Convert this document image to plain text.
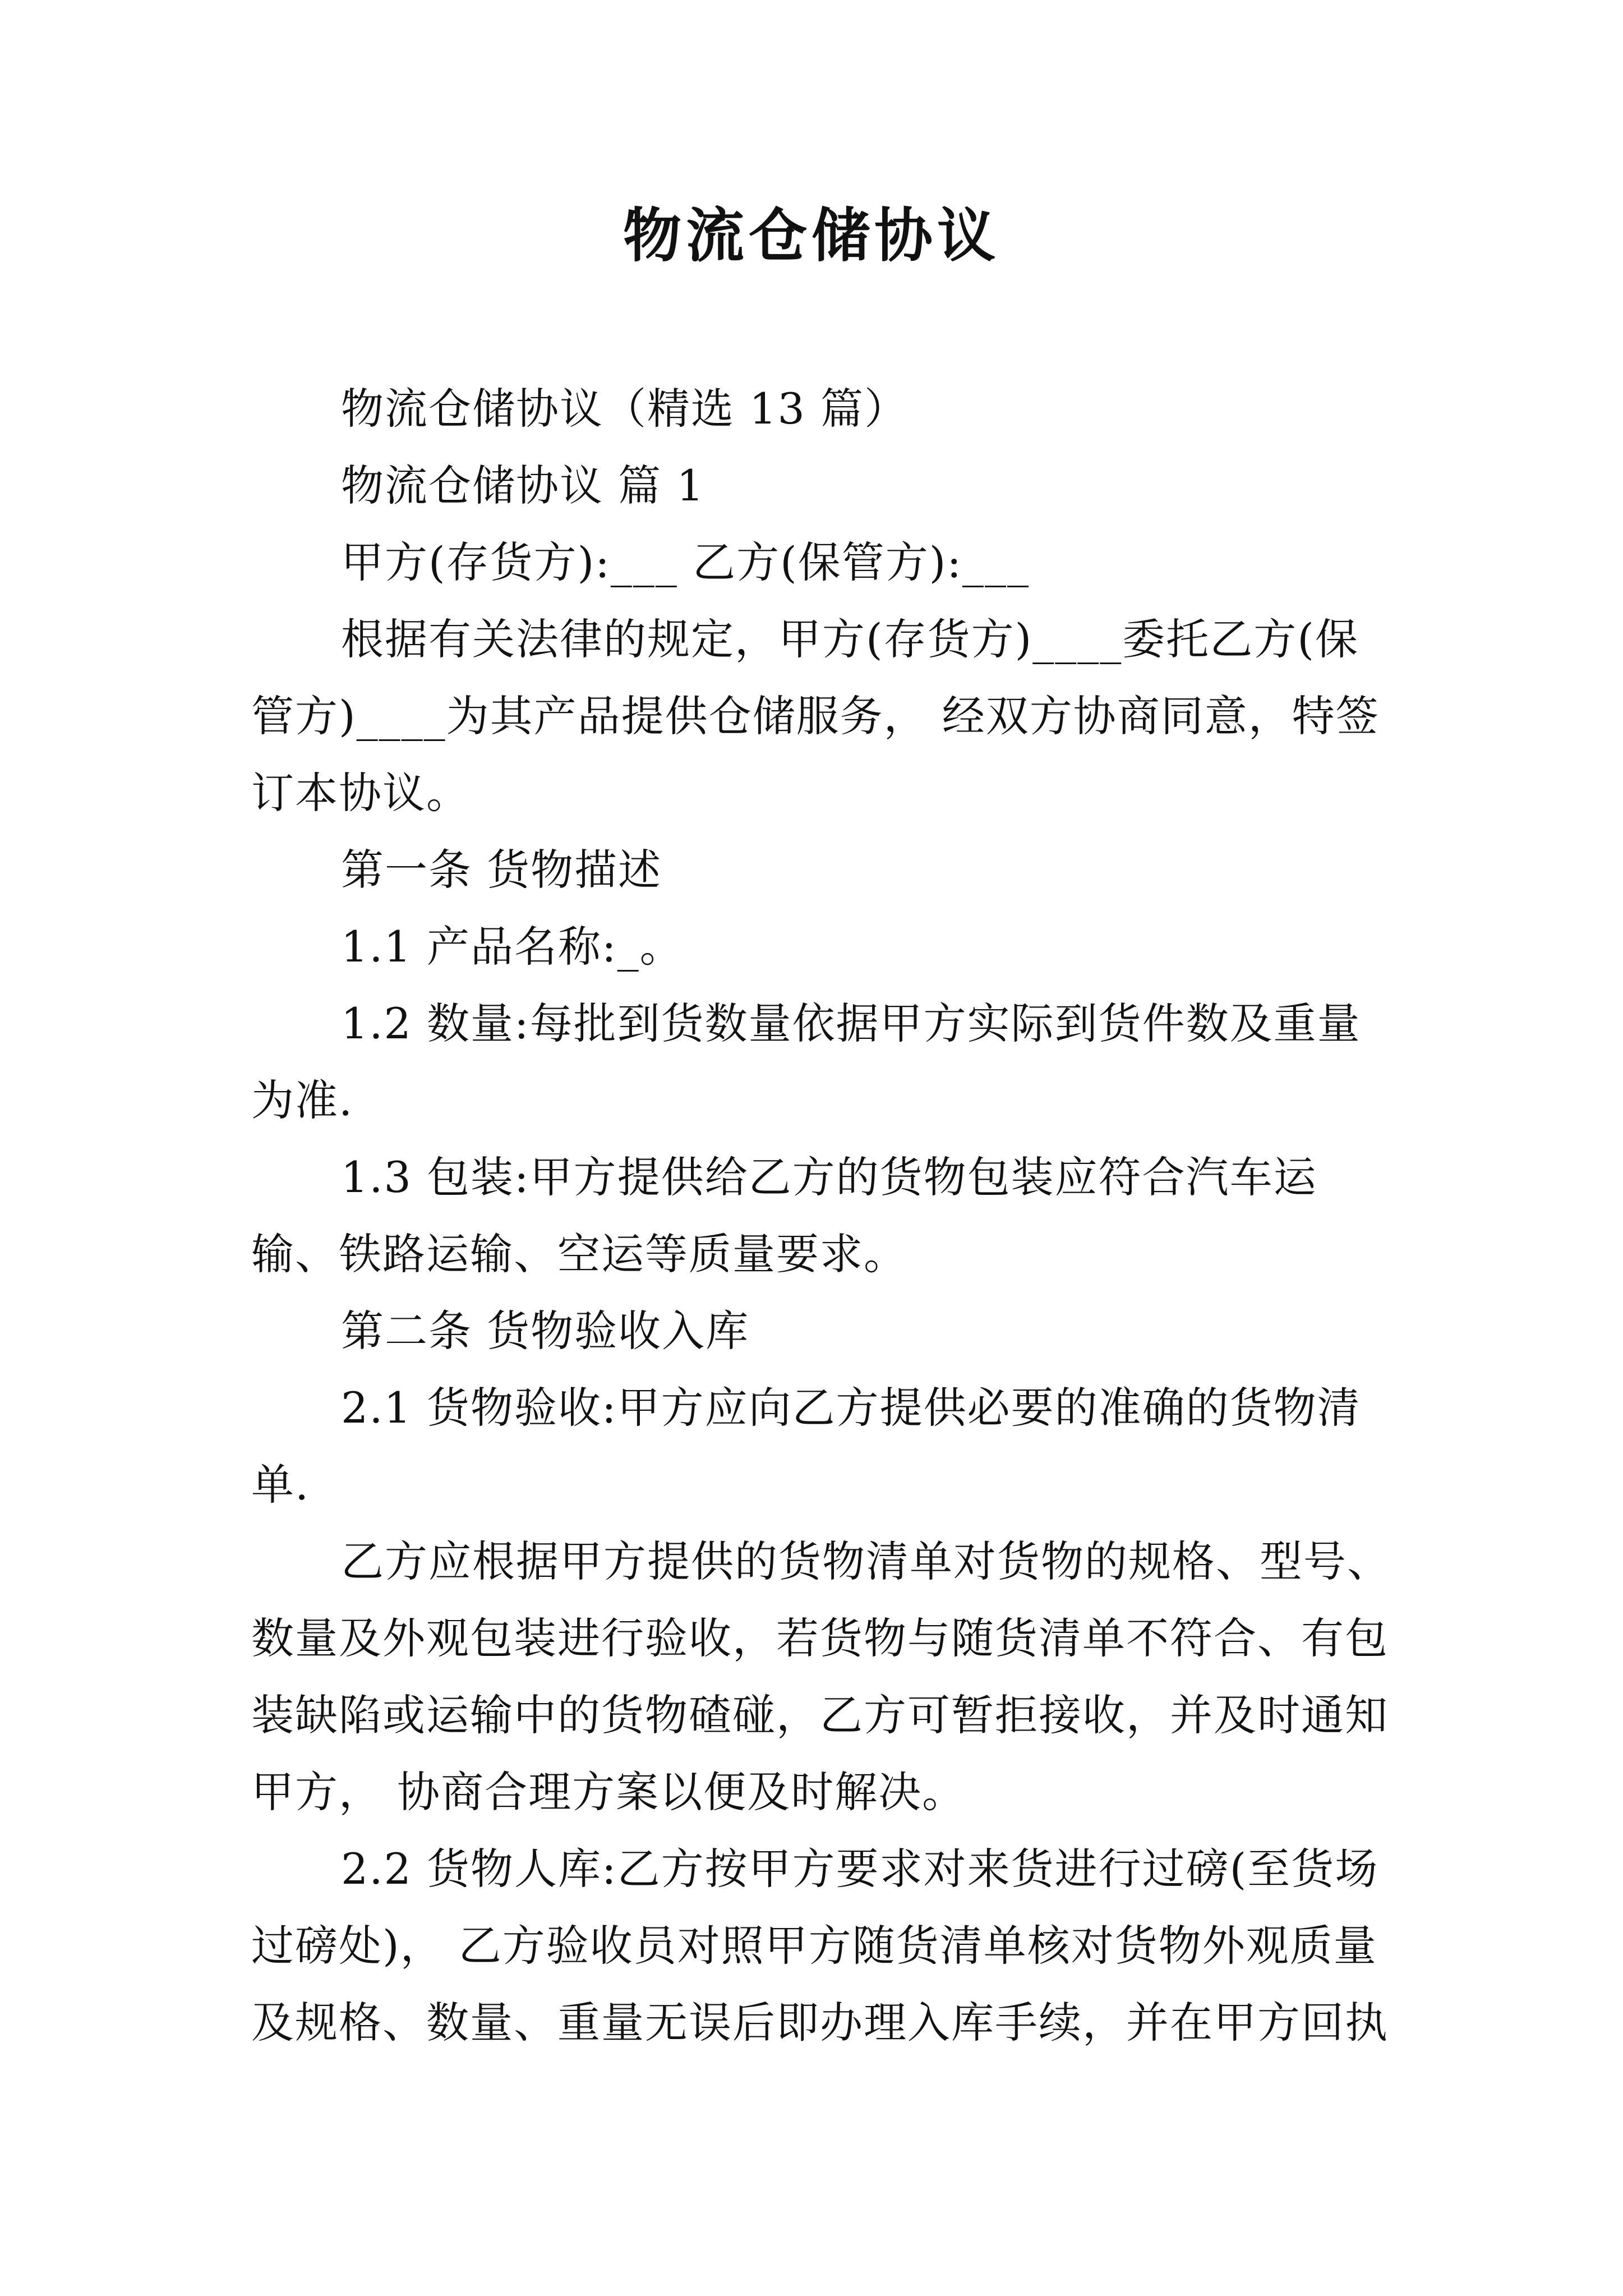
物流仓储协议

物流仓储协议（精选 13 篇）

物流仓储协议 篇 1

甲方(存货方):___ 乙方(保管方):___

根据有关法律的规定，甲方(存货方)____委托乙方(保管方)____为其产品提供仓储服务， 经双方协商同意，特签订本协议。

第一条 货物描述

1.1 产品名称:_。

1.2 数量:每批到货数量依据甲方实际到货件数及重量为准.

1.3 包装:甲方提供给乙方的货物包装应符合汽车运输、铁路运输、空运等质量要求。

第二条 货物验收入库

2.1 货物验收:甲方应向乙方提供必要的准确的货物清单.

乙方应根据甲方提供的货物清单对货物的规格、型号、数量及外观包装进行验收，若货物与随货清单不符合、有包装缺陷或运输中的货物碴碰，乙方可暂拒接收，并及时通知甲方， 协商合理方案以便及时解决。

2.2 货物人库:乙方按甲方要求对来货进行过磅(至货场过磅处)， 乙方验收员对照甲方随货清单核对货物外观质量及规格、数量、重量无误后即办理入库手续，并在甲方回执
